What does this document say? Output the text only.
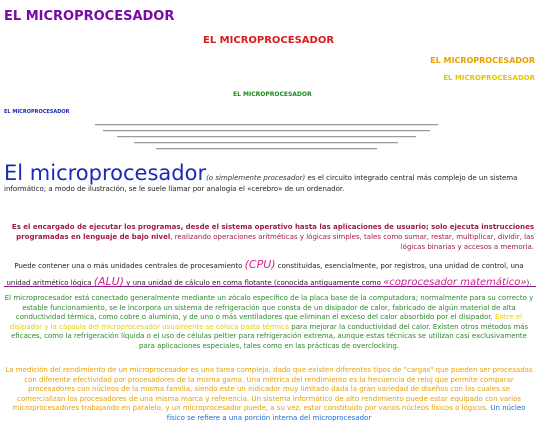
EL MICROPROCESADOR
EL MICROPROCESADOR
EL MICROPROCESADOR
EL MICROPROCESADOR
EL MICROPROCESADOR
EL MICROPROCESADOR
El microprocesador(o simplemente procesador) es el circuito integrado central más complejo de un sistema informático; a modo de ilustración, se le suele llamar por analogía el «cerebro» de un ordenador.
Es el encargado de ejecutar los programas, desde el sistema operativo hasta las aplicaciones de usuario; solo ejecuta instrucciones programadas en lenguaje de bajo nivel, realizando operaciones aritméticas y lógicas simples, tales como sumar, restar, multiplicar, dividir, las lógicas binarias y accesos a memoria.
Puede contener una o más unidades centrales de procesamiento (CPU) constituidas, esencialmente, por registros, una unidad de control, una unidad aritmético lógica (ALU) y una unidad de cálculo en coma flotante (conocida antiguamente como «coprocesador matemático»).
El microprocesador está conectado generalmente mediante un zócalo específico de la placa base de la computadora; normalmente para su correcto y estable funcionamiento, se le incorpora un sistema de refrigeración que consta de un disipador de calor, fabricado de algún material de alta conductividad térmica, como cobre o aluminio, y de uno o más ventiladores que eliminan el exceso del calor absorbido por el disipador. Entre el disipador y la cápsula del microprocesador usualmente se coloca pasta térmica para mejorar la conductividad del calor. Existen otros métodos más eficaces, como la refrigeración líquida o el uso de células peltier para refrigeración extrema, aunque estas técnicas se utilizan casi exclusivamente para aplicaciones especiales, tales como en las prácticas de overclocking.
La medición del rendimiento de un microprocesador es una tarea compleja, dado que existen diferentes tipos de "cargas" que pueden ser procesadas con diferente efectividad por procesadores de la misma gama. Una métrica del rendimiento es la frecuencia de reloj que permite comparar procesadores con núcleos de la misma familia, siendo este un indicador muy limitado dada la gran variedad de diseños con los cuales se comercializan los procesadores de una misma marca y referencia. Un sistema informático de alto rendimiento puede estar equipado con varios microprocesadores trabajando en paralelo, y un microprocesador puede, a su vez, estar constituido por varios núcleos físicos o lógicos. Un núcleo físico se refiere a una porción interna del microprocesador
